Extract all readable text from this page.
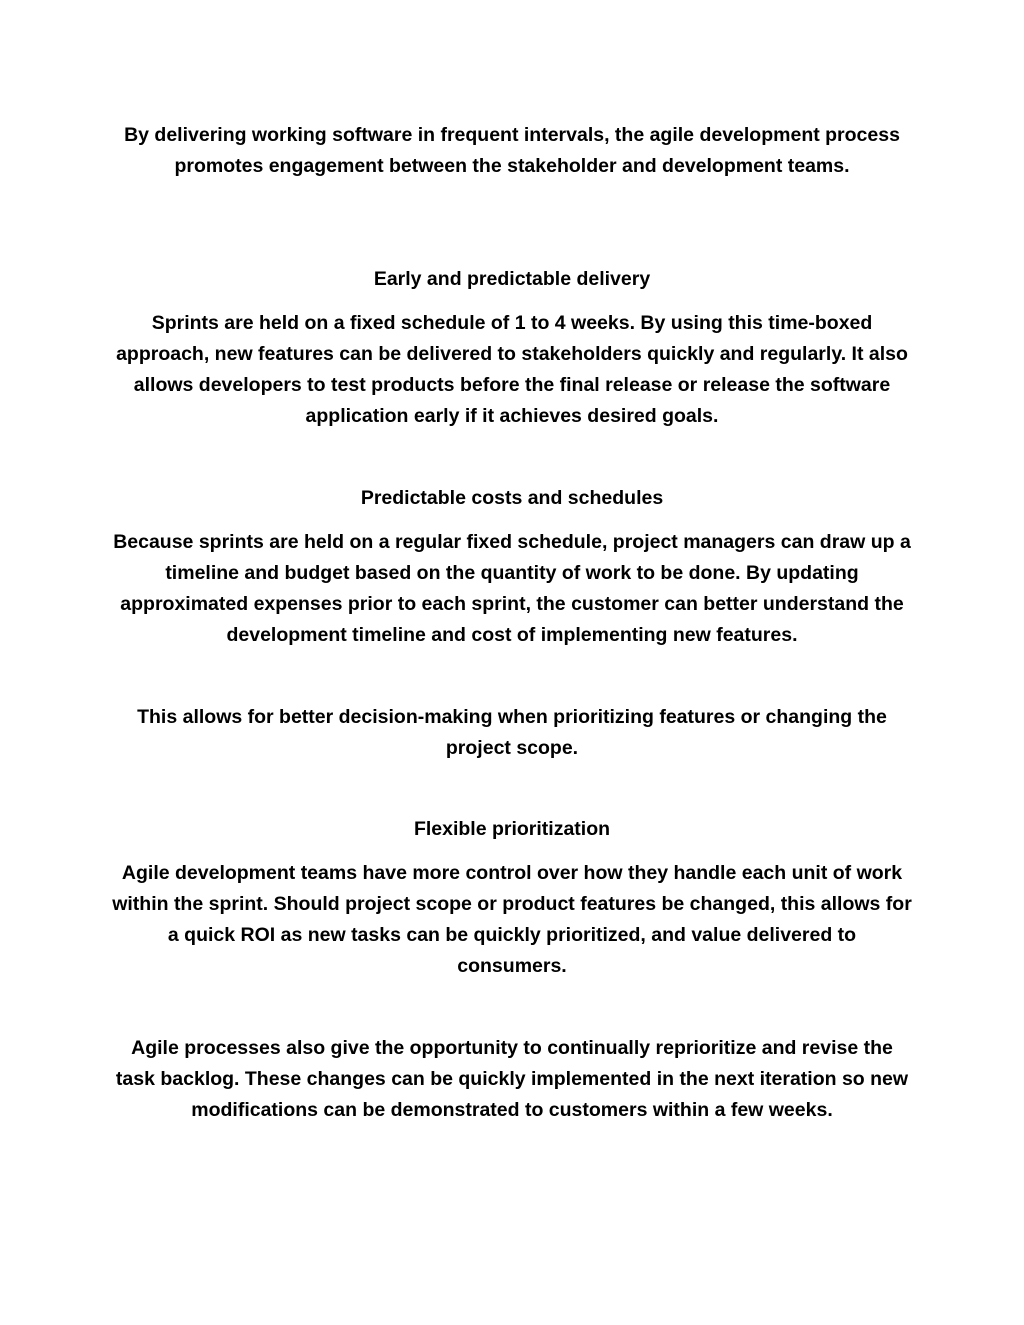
By delivering working software in frequent intervals, the agile development process promotes engagement between the stakeholder and development teams.

Early and predictable delivery

Sprints are held on a fixed schedule of 1 to 4 weeks. By using this time-boxed approach, new features can be delivered to stakeholders quickly and regularly. It also allows developers to test products before the final release or release the software application early if it achieves desired goals.

Predictable costs and schedules

Because sprints are held on a regular fixed schedule, project managers can draw up a timeline and budget based on the quantity of work to be done. By updating approximated expenses prior to each sprint, the customer can better understand the development timeline and cost of implementing new features.

This allows for better decision-making when prioritizing features or changing the project scope.

Flexible prioritization

Agile development teams have more control over how they handle each unit of work within the sprint. Should project scope or product features be changed, this allows for a quick ROI as new tasks can be quickly prioritized, and value delivered to consumers.

Agile processes also give the opportunity to continually reprioritize and revise the task backlog. These changes can be quickly implemented in the next iteration so new modifications can be demonstrated to customers within a few weeks.
